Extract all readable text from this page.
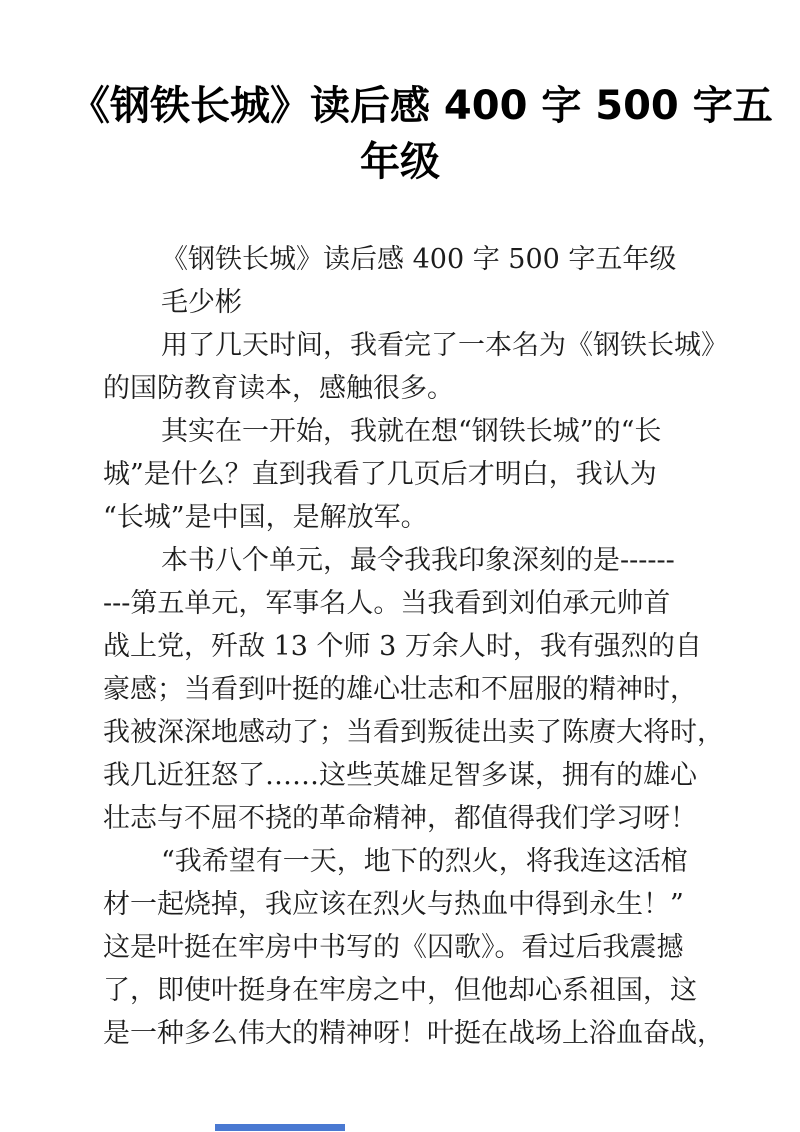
《钢铁长城》读后感 400 字 500 字五
年级
《钢铁长城》读后感 400 字 500 字五年级
毛少彬
用了几天时间，我看完了一本名为《钢铁长城》
的国防教育读本，感触很多。
其实在一开始，我就在想“钢铁长城”的“长
城”是什么？直到我看了几页后才明白，我认为
“长城”是中国，是解放军。
本书八个单元，最令我我印象深刻的是------
---第五单元，军事名人。当我看到刘伯承元帅首
战上党，歼敌 13 个师 3 万余人时，我有强烈的自
豪感；当看到叶挺的雄心壮志和不屈服的精神时，
我被深深地感动了；当看到叛徒出卖了陈赓大将时，
我几近狂怒了……这些英雄足智多谋，拥有的雄心
壮志与不屈不挠的革命精神，都值得我们学习呀！
“我希望有一天，地下的烈火，将我连这活棺
材一起烧掉，我应该在烈火与热血中得到永生！”
这是叶挺在牢房中书写的《囚歌》。看过后我震撼
了，即使叶挺身在牢房之中，但他却心系祖国，这
是一种多么伟大的精神呀！叶挺在战场上浴血奋战，
